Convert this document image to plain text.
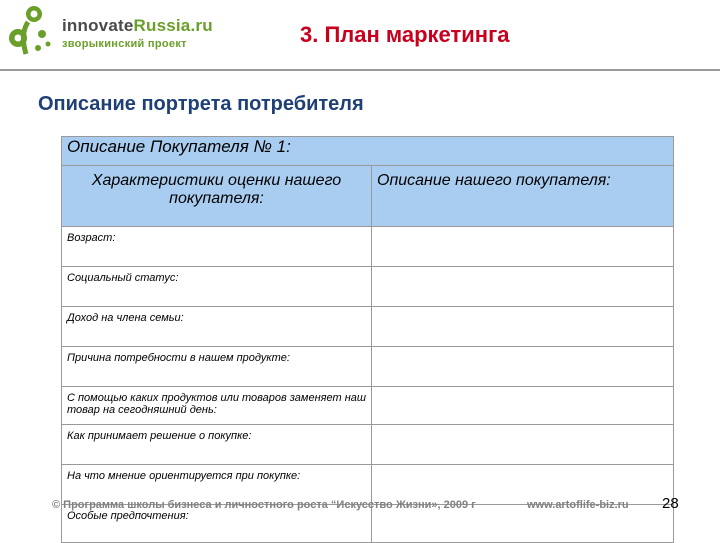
innovateRussia.ru
зворыкинский проект	3. План маркетинга
Описание портрета потребителя
Описание Покупателя № 1:	
Характеристики оценки нашего покупателя:	Описание нашего покупателя:
Возраст:	
Социальный статус:	
Доход на члена семьи:	
Причина потребности в нашем продукте:	
С помощью каких продуктов или товаров заменяет наш товар на сегодняшний день:	
Как принимает решение о покупке:	
На что мнение ориентируется при покупке:	
Особые предпочтения:	
© Программа школы бизнеса и личностного роста “Искусство Жизни», 2009 г	www.artoflife-biz.ru 28
